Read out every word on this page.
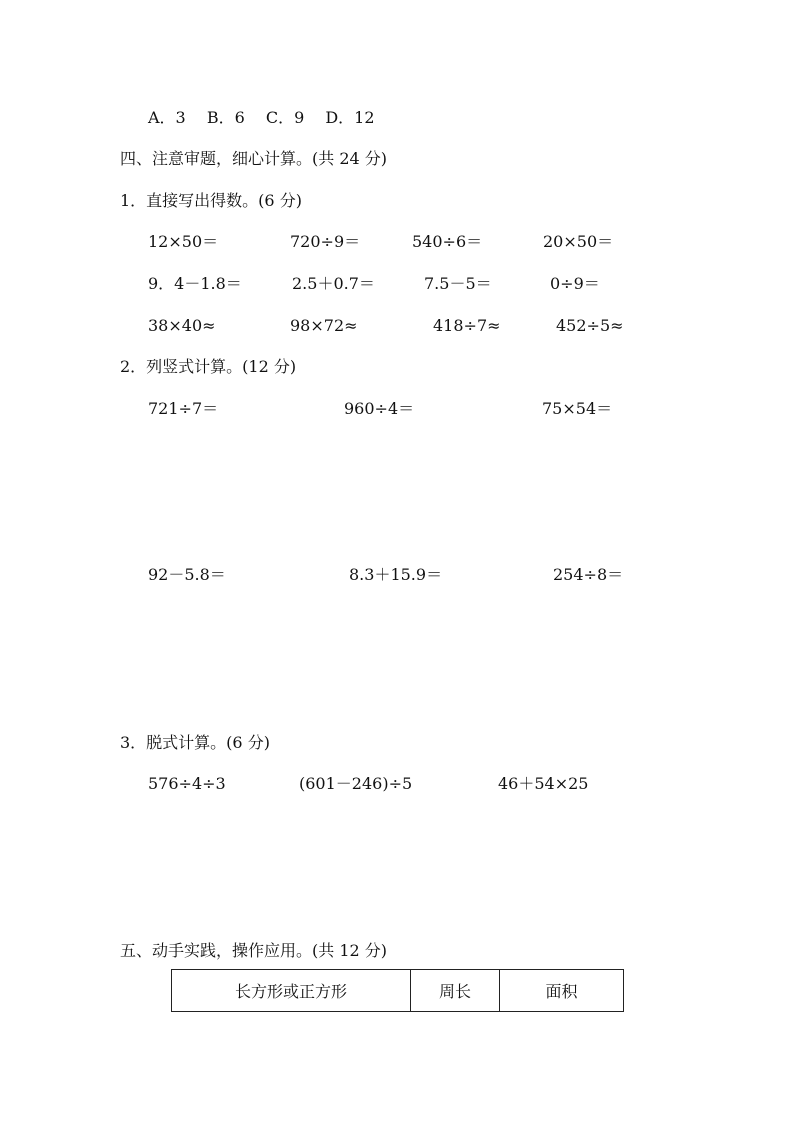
A．3　 B．6　 C．9　 D．12
四、注意审题，细心计算。(共 24 分)
1．直接写出得数。(6 分)
12×50＝	720÷9＝	540÷6＝	20×50＝
9．4－1.8＝	2.5＋0.7＝	7.5－5＝	0÷9＝
38×40≈	98×72≈	418÷7≈	452÷5≈
2．列竖式计算。(12 分)
721÷7＝	960÷4＝	75×54＝
92－5.8＝	8.3＋15.9＝	254÷8＝
3．脱式计算。(6 分)
576÷4÷3	(601－246)÷5	46＋54×25
五、动手实践，操作应用。(共 12 分)
长方形或正方形	周长	面积
